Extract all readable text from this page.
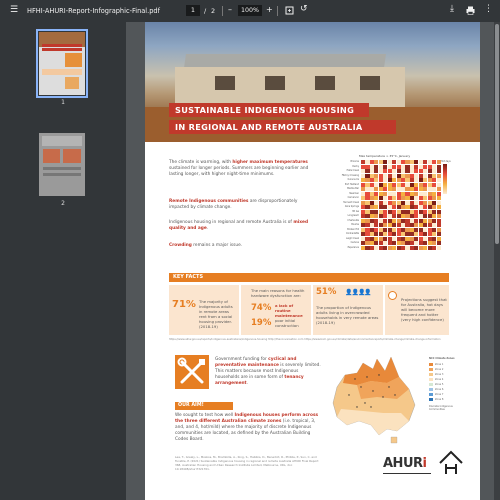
☰ HFHI-AHURI-Report-Infographic-Final.pdf	1	/ 2 –	100% +	↺	⤓	⋮
1
2
SUSTAINABLE INDIGENOUS HOUSING
IN REGIONAL AND REMOTE AUSTRALIA
The climate is warming, with higher maximum temperatures sustained for longer periods. Summers are beginning earlier and lasting longer, with higher night-time minimums.
Remote Indigenous communities are disproportionately impacted by climate change.
Indigenous housing in regional and remote Australia is of mixed quality and age.
Crowding remains a major issue.
Max temperature > 35°C, January
Broome
Derby
Halls Creek
Fitzroy Crossing
Kununurra
Port Hedland
Marble Bar
Newman
Carnarvon
Tennant Creek
Alice Springs
Mt Isa
Longreach
Charleville
Bourke
Broken Hill
Oodnadatta
Leigh Creek
Ceduna
Esperance
Hot days
KEY FACTS
71% The majority of Indigenous adults in remote areas rent from a social housing provider. (2018-19)
The main reasons for health hardware dysfunction are:
74% a lack of routine maintenance
19% poor initial construction
51% 👤👤👤👤
The proportion of Indigenous adults living in overcrowded households in very remote areas (2018-19)
Projections suggest that for Australia, hot days will become more frequent and hotter (very high confidence)
https://www.aihw.gov.au/reports/indigenous-australians/indigenous-housing http://theconversation.com https://www.bom.gov.au/climate/data/environmental-reports/climate-change/climate-change-information
Government funding for cyclical and preventative maintenance is severely limited. This matters because most Indigenous households are in some form of tenancy arrangement.
OUR AIM!
We sought to test how well Indigenous houses perform across the three different Australian climate zones (i.e. tropical, 3, and, and 4, hot/mild) where the majority of discrete Indigenous communities are located, as defined by the Australian Building Codes Board.
NCC Climate Zones
Zone 1
Zone 2
Zone 3
Zone 4
Zone 5
Zone 6
Zone 7
Zone 8
Discrete Indigenous Communities
Lea, T., Grealy, L., Moskos, M., Brambilla, A., King, S., Habibis, D., Benedict, R., Phibbs, P., Sun, C. and Tunstile, P. (2021) Sustainable Indigenous housing in regional and remote Australia AHURI Final Report 368, Australian Housing and Urban Research Institute Limited, Melbourne, URL, doi: 10.18408/ahuri7321701.	AHURi
